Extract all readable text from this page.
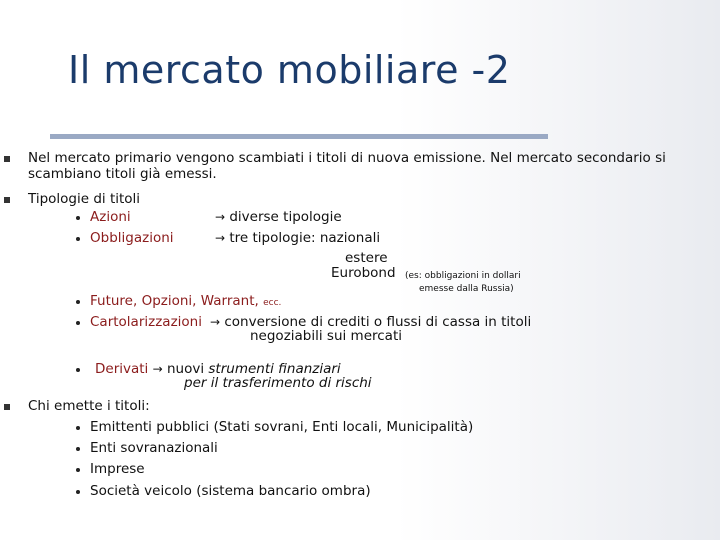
Il mercato mobiliare -2
Nel mercato primario vengono scambiati i titoli di nuova emissione. Nel mercato secondario si
scambiano titoli già emessi.
Tipologie di titoli
Azioni	→ diverse tipologie
Obbligazioni	→ tre tipologie: nazionali
estere
Eurobond (es: obbligazioni in dollari
emesse dalla Russia)
Future, Opzioni, Warrant, ecc.
Cartolarizzazioni → conversione di crediti o flussi di cassa in titoli
negoziabili sui mercati
Derivati → nuovi strumenti finanziari
per il trasferimento di rischi
Chi emette i titoli:
Emittenti pubblici (Stati sovrani, Enti locali, Municipalità)
Enti sovranazionali
Imprese
Società veicolo (sistema bancario ombra)
